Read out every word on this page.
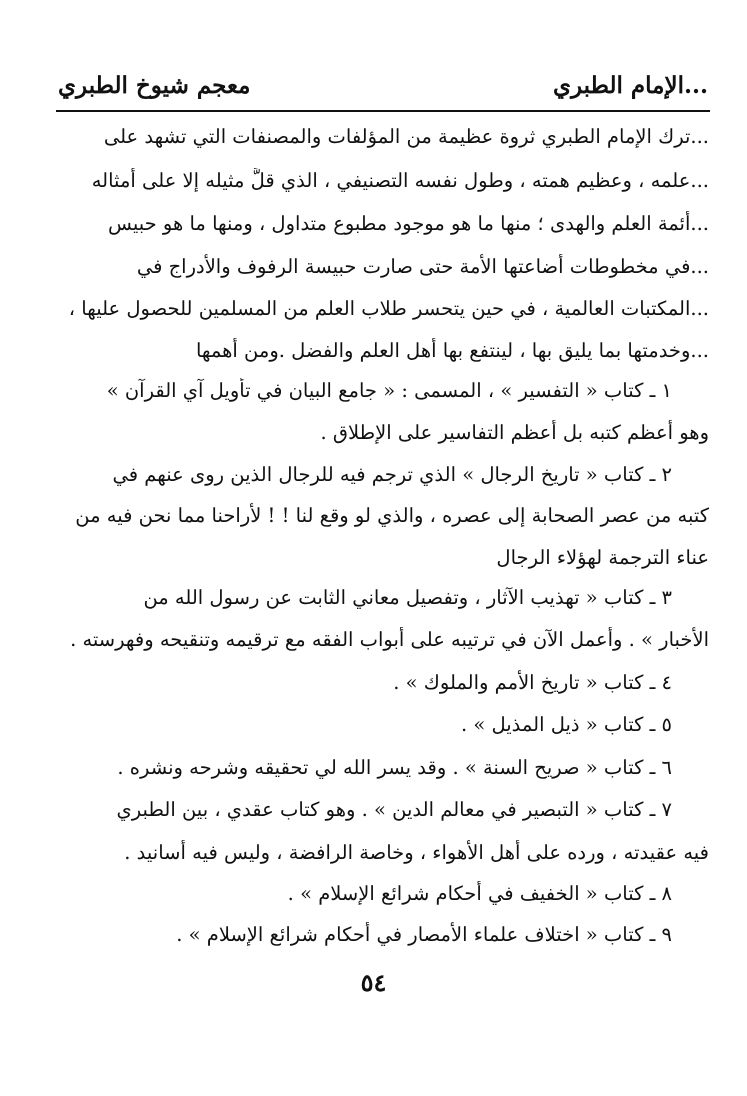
...الإمام الطبري
معجم شيوخ الطبري
...ترك الإمام الطبري ثروة عظيمة من المؤلفات والمصنفات التي تشهد على
...علمه ، وعظيم همته ، وطول نفسه التصنيفي ، الذي قلَّ مثيله إلا على أمثاله
...أئمة العلم والهدى ؛ منها ما هو موجود مطبوع متداول ، ومنها ما هو حبيس
...في مخطوطات أضاعتها الأمة حتى صارت حبيسة الرفوف والأدراج في
...المكتبات العالمية ، في حين يتحسر طلاب العلم من المسلمين للحصول عليها ،
...وخدمتها بما يليق بها ، لينتفع بها أهل العلم والفضل .ومن أهمها
١ ـ كتاب « التفسير » ، المسمى : « جامع البيان في تأويل آي القرآن »
وهو أعظم كتبه بل أعظم التفاسير على الإطلاق .
٢ ـ كتاب « تاريخ الرجال » الذي ترجم فيه للرجال الذين روى عنهم في
كتبه من عصر الصحابة إلى عصره ، والذي لو وقع لنا ! ! لأراحنا مما نحن فيه من
عناء الترجمة لهؤلاء الرجال
٣ ـ كتاب « تهذيب الآثار ، وتفصيل معاني الثابت عن رسول الله من
الأخبار » . وأعمل الآن في ترتيبه على أبواب الفقه مع ترقيمه وتنقيحه وفهرسته .
٤ ـ كتاب « تاريخ الأمم والملوك » .
٥ ـ كتاب « ذيل المذيل » .
٦ ـ كتاب « صريح السنة » . وقد يسر الله لي تحقيقه وشرحه ونشره .
٧ ـ كتاب « التبصير في معالم الدين » . وهو كتاب عقدي ، بين الطبري
فيه عقيدته ، ورده على أهل الأهواء ، وخاصة الرافضة ، وليس فيه أسانيد .
٨ ـ كتاب « الخفيف في أحكام شرائع الإسلام » .
٩ ـ كتاب « اختلاف علماء الأمصار في أحكام شرائع الإسلام » .
٥٤
